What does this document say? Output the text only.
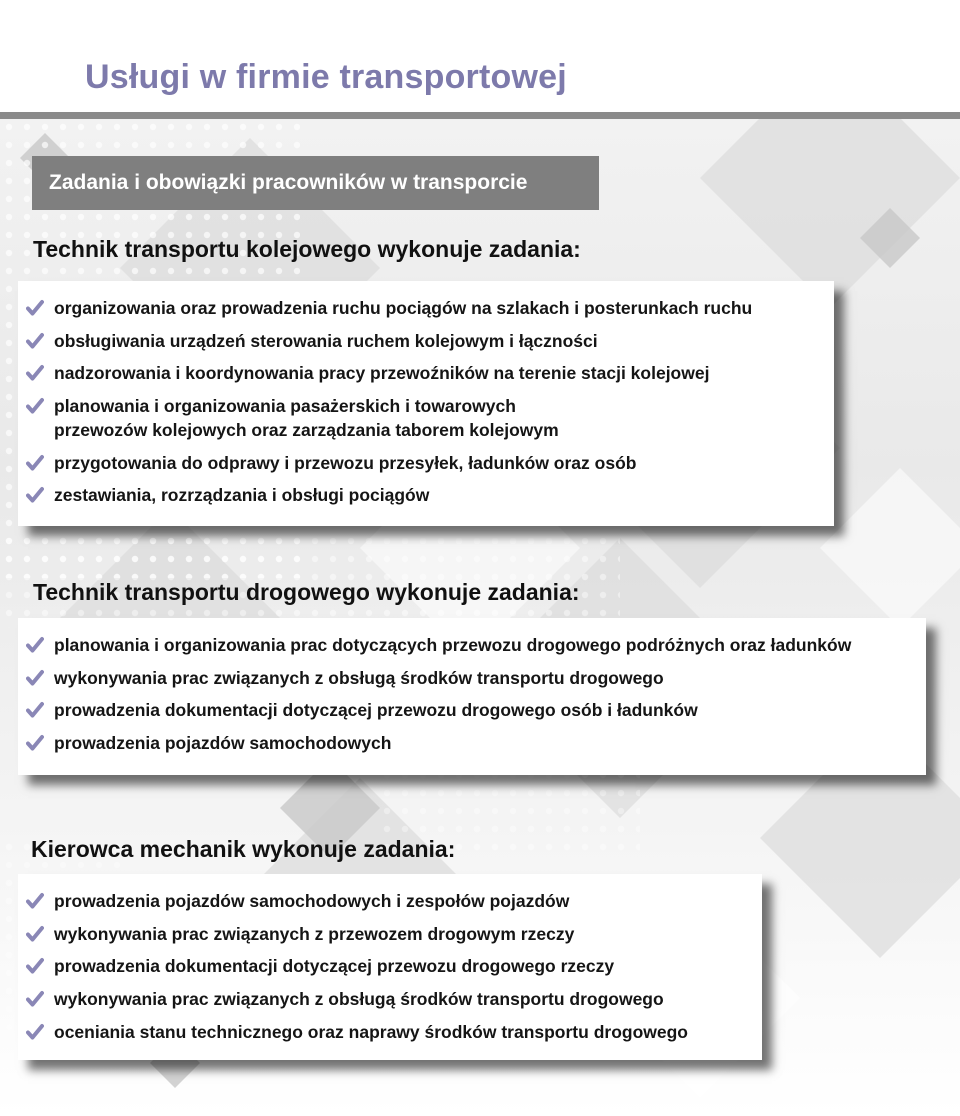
Usługi w firmie transportowej
Zadania i obowiązki pracowników w transporcie
Technik transportu kolejowego wykonuje zadania:
organizowania oraz prowadzenia ruchu pociągów na szlakach i posterunkach ruchu
obsługiwania urządzeń sterowania ruchem kolejowym i łączności
nadzorowania i koordynowania pracy przewoźników na terenie stacji kolejowej
planowania i organizowania pasażerskich i towarowych
przewozów kolejowych oraz zarządzania taborem kolejowym
przygotowania do odprawy i przewozu przesyłek, ładunków oraz osób
zestawiania, rozrządzania i obsługi pociągów
Technik transportu drogowego wykonuje zadania:
planowania i organizowania prac dotyczących przewozu drogowego podróżnych oraz ładunków
wykonywania prac związanych z obsługą środków transportu drogowego
prowadzenia dokumentacji dotyczącej przewozu drogowego osób i ładunków
prowadzenia pojazdów samochodowych
Kierowca mechanik wykonuje zadania:
prowadzenia pojazdów samochodowych i zespołów pojazdów
wykonywania prac związanych z przewozem drogowym rzeczy
prowadzenia dokumentacji dotyczącej przewozu drogowego rzeczy
wykonywania prac związanych z obsługą środków transportu drogowego
oceniania stanu technicznego oraz naprawy środków transportu drogowego
